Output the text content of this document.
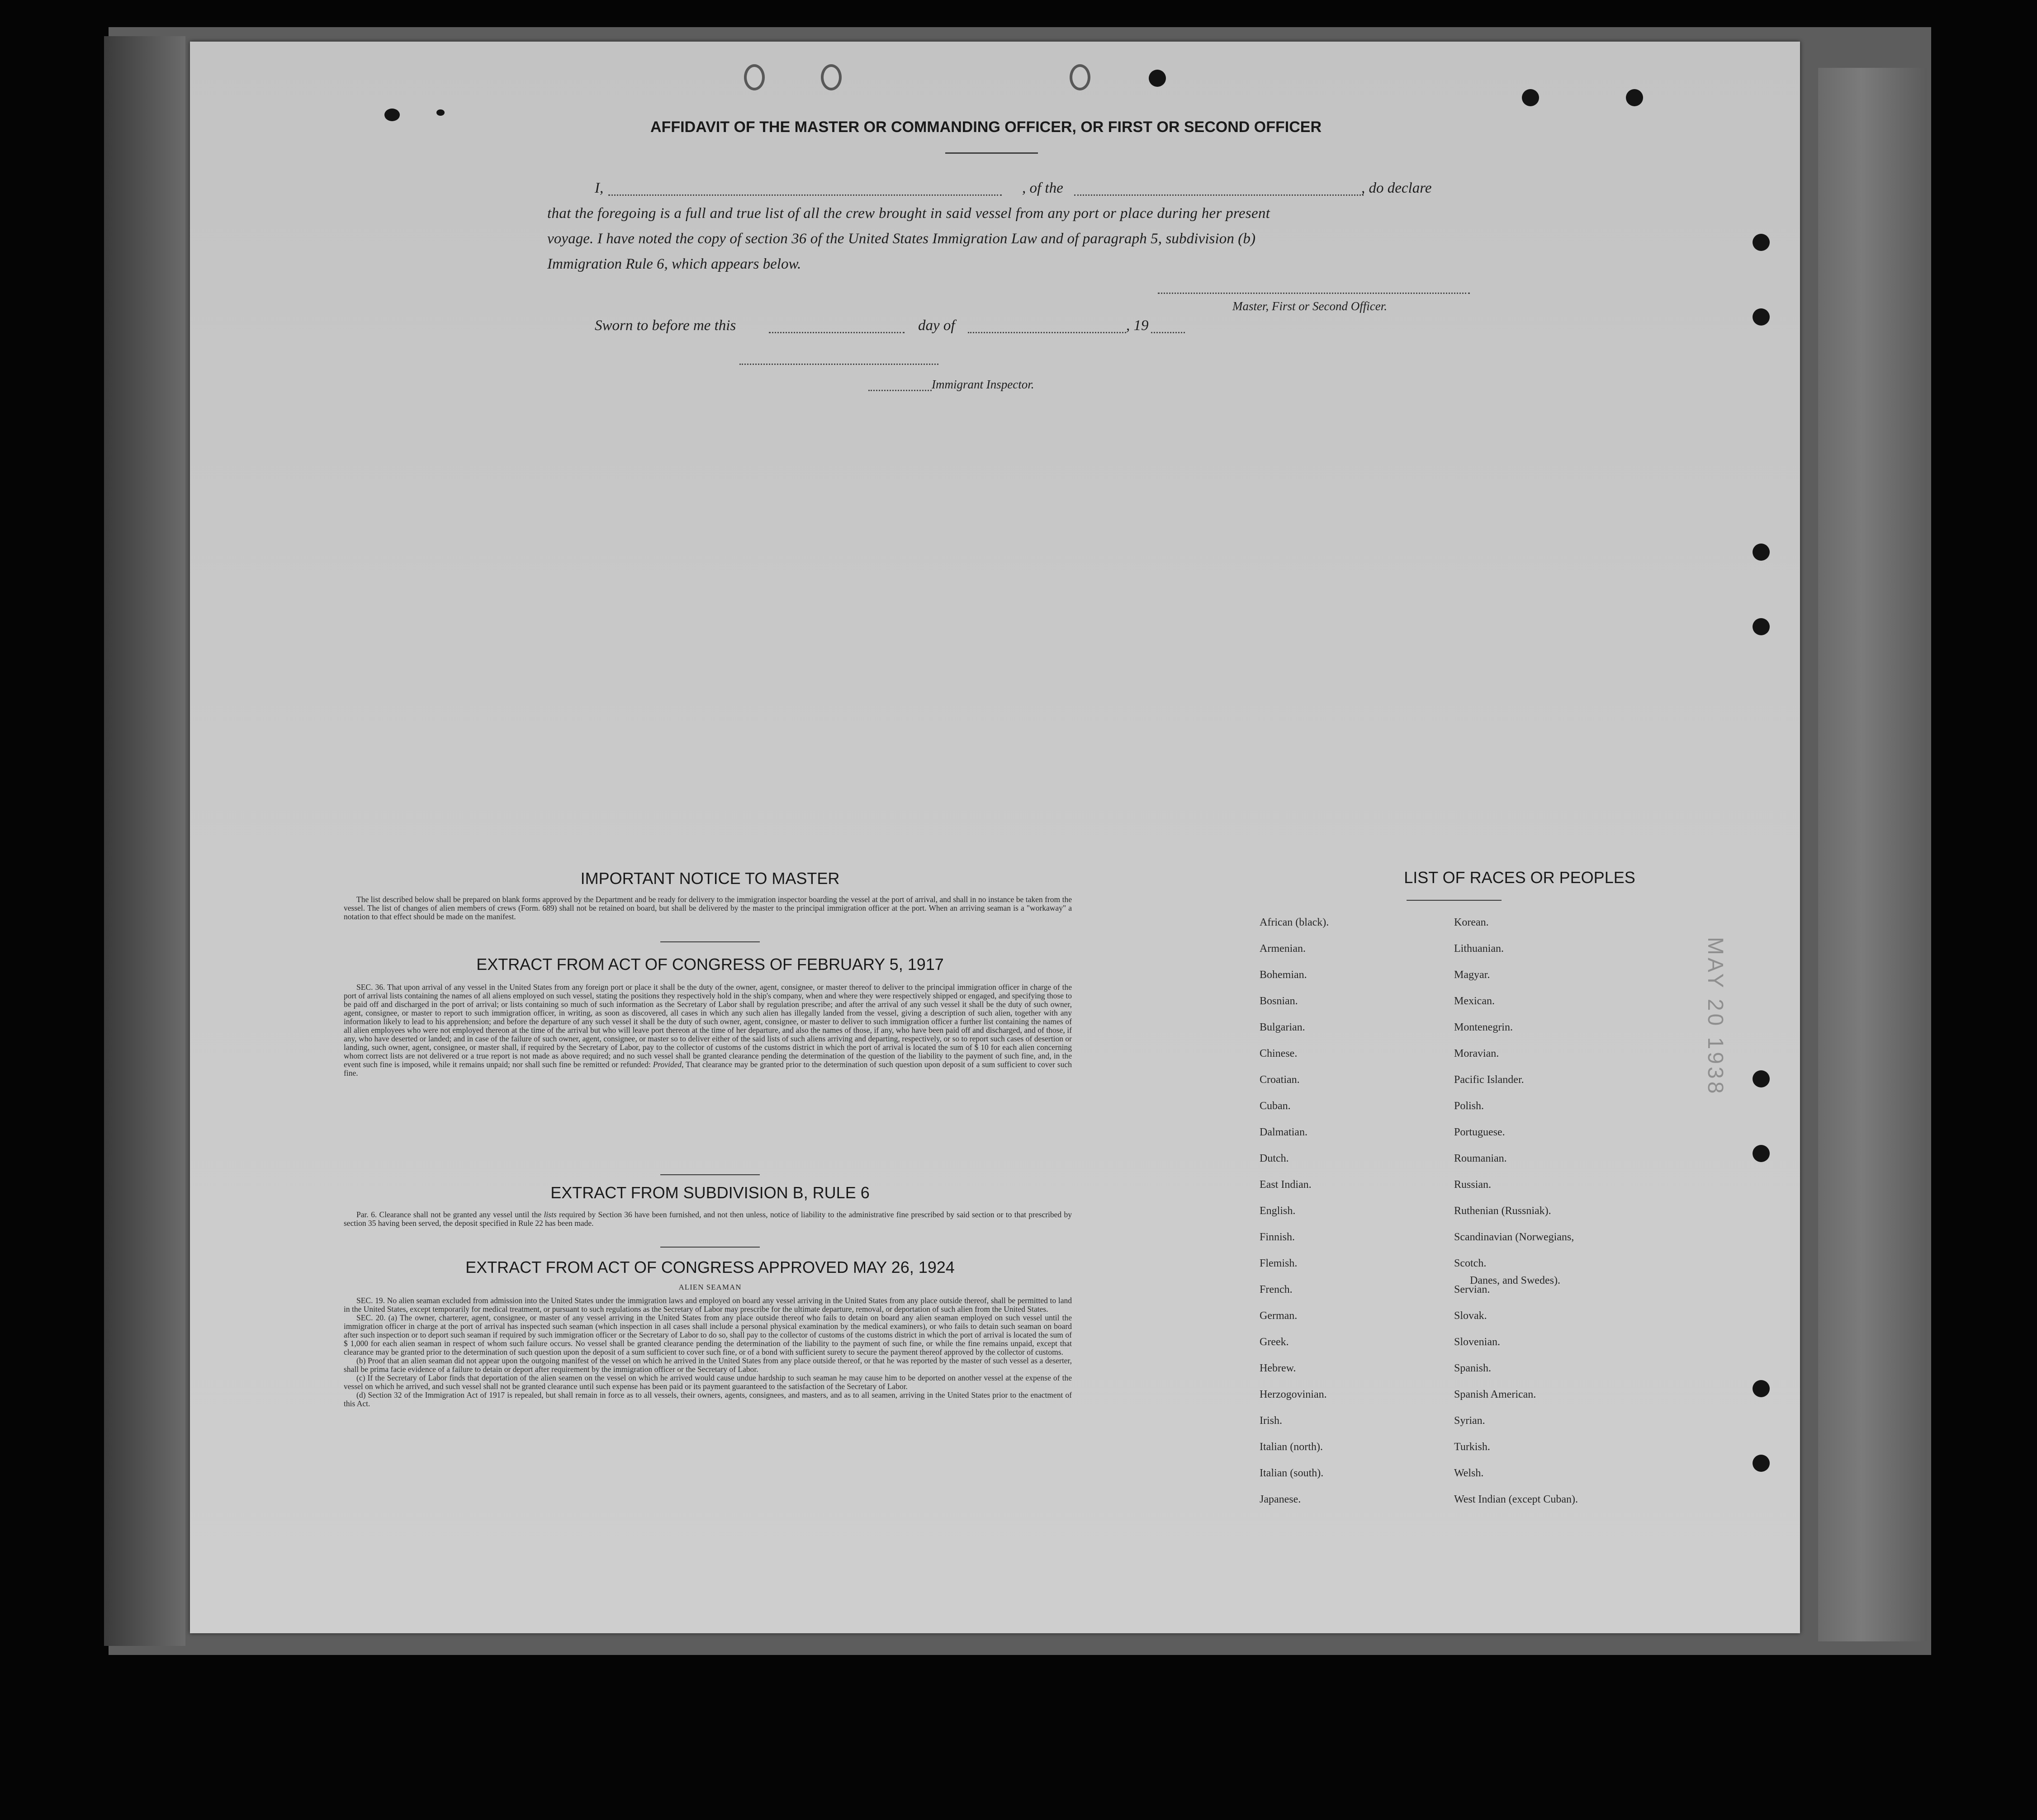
AFFIDAVIT OF THE MASTER OR COMMANDING OFFICER, OR FIRST OR SECOND OFFICER
I,	, of the	, do declare
that the foregoing is a full and true list of all the crew brought in said vessel from any port or place during her present
voyage. I have noted the copy of section 36 of the United States Immigration Law and of paragraph 5, subdivision (b)
Immigration Rule 6, which appears below.
Master, First or Second Officer.
Sworn to before me this	day of	, 19
Immigrant Inspector.
IMPORTANT NOTICE TO MASTER

The list described below shall be prepared on blank forms approved by the Department and be ready for delivery to the immigration inspector boarding the vessel at the port of arrival, and shall in no instance be taken from the vessel. The list of changes of alien members of crews (Form. 689) shall not be retained on board, but shall be delivered by the master to the principal immigration officer at the port. When an arriving seaman is a "workaway" a notation to that effect should be made on the manifest.

EXTRACT FROM ACT OF CONGRESS OF FEBRUARY 5, 1917

SEC. 36. That upon arrival of any vessel in the United States from any foreign port or place it shall be the duty of the owner, agent, consignee, or master thereof to deliver to the principal immigration officer in charge of the port of arrival lists containing the names of all aliens employed on such vessel, stating the positions they respectively hold in the ship's company, when and where they were respectively shipped or engaged, and specifying those to be paid off and discharged in the port of arrival; or lists containing so much of such information as the Secretary of Labor shall by regulation prescribe; and after the arrival of any such vessel it shall be the duty of such owner, agent, consignee, or master to report to such immigration officer, in writing, as soon as discovered, all cases in which any such alien has illegally landed from the vessel, giving a description of such alien, together with any information likely to lead to his apprehension; and before the departure of any such vessel it shall be the duty of such owner, agent, consignee, or master to deliver to such immigration officer a further list containing the names of all alien employees who were not employed thereon at the time of the arrival but who will leave port thereon at the time of her departure, and also the names of those, if any, who have been paid off and discharged, and of those, if any, who have deserted or landed; and in case of the failure of such owner, agent, consignee, or master so to deliver either of the said lists of such aliens arriving and departing, respectively, or so to report such cases of desertion or landing, such owner, agent, consignee, or master shall, if required by the Secretary of Labor, pay to the collector of customs of the customs district in which the port of arrival is located the sum of $ 10 for each alien concerning whom correct lists are not delivered or a true report is not made as above required; and no such vessel shall be granted clearance pending the determination of the question of the liability to the payment of such fine, and, in the event such fine is imposed, while it remains unpaid; nor shall such fine be remitted or refunded: Provided, That clearance may be granted prior to the determination of such question upon deposit of a sum sufficient to cover such fine.

EXTRACT FROM SUBDIVISION B, RULE 6

Par. 6. Clearance shall not be granted any vessel until the lists required by Section 36 have been furnished, and not then unless, notice of liability to the administrative fine prescribed by said section or to that prescribed by section 35 having been served, the deposit specified in Rule 22 has been made.

EXTRACT FROM ACT OF CONGRESS APPROVED MAY 26, 1924
ALIEN SEAMAN

SEC. 19. No alien seaman excluded from admission into the United States under the immigration laws and employed on board any vessel arriving in the United States from any place outside thereof, shall be permitted to land in the United States, except temporarily for medical treatment, or pursuant to such regulations as the Secretary of Labor may prescribe for the ultimate departure, removal, or deportation of such alien from the United States.

SEC. 20. (a) The owner, charterer, agent, consignee, or master of any vessel arriving in the United States from any place outside thereof who fails to detain on board any alien seaman employed on such vessel until the immigration officer in charge at the port of arrival has inspected such seaman (which inspection in all cases shall include a personal physical examination by the medical examiners), or who fails to detain such seaman on board after such inspection or to deport such seaman if required by such immigration officer or the Secretary of Labor to do so, shall pay to the collector of customs of the customs district in which the port of arrival is located the sum of $ 1,000 for each alien seaman in respect of whom such failure occurs. No vessel shall be granted clearance pending the determination of the liability to the payment of such fine, or while the fine remains unpaid, except that clearance may be granted prior to the determination of such question upon the deposit of a sum sufficient to cover such fine, or of a bond with sufficient surety to secure the payment thereof approved by the collector of customs.

(b) Proof that an alien seaman did not appear upon the outgoing manifest of the vessel on which he arrived in the United States from any place outside thereof, or that he was reported by the master of such vessel as a deserter, shall be prima facie evidence of a failure to detain or deport after requirement by the immigration officer or the Secretary of Labor.

(c) If the Secretary of Labor finds that deportation of the alien seamen on the vessel on which he arrived would cause undue hardship to such seaman he may cause him to be deported on another vessel at the expense of the vessel on which he arrived, and such vessel shall not be granted clearance until such expense has been paid or its payment guaranteed to the satisfaction of the Secretary of Labor.

(d) Section 32 of the Immigration Act of 1917 is repealed, but shall remain in force as to all vessels, their owners, agents, consignees, and masters, and as to all seamen, arriving in the United States prior to the enactment of this Act.

LIST OF RACES OR PEOPLES
African (black).
Armenian.
Bohemian.
Bosnian.
Bulgarian.
Chinese.
Croatian.
Cuban.
Dalmatian.
Dutch.
East Indian.
English.
Finnish.
Flemish.
French.
German.
Greek.
Hebrew.
Herzogovinian.
Irish.
Italian (north).
Italian (south).
Japanese.
Korean.
Lithuanian.
Magyar.
Mexican.
Montenegrin.
Moravian.
Pacific Islander.
Polish.
Portuguese.
Roumanian.
Russian.
Ruthenian (Russniak).
Scandinavian (Norwegians,
Scotch.
Servian.
Slovak.
Slovenian.
Spanish.
Spanish American.
Syrian.
Turkish.
Welsh.
West Indian (except Cuban).
Danes, and Swedes).
MAY 20 1938
